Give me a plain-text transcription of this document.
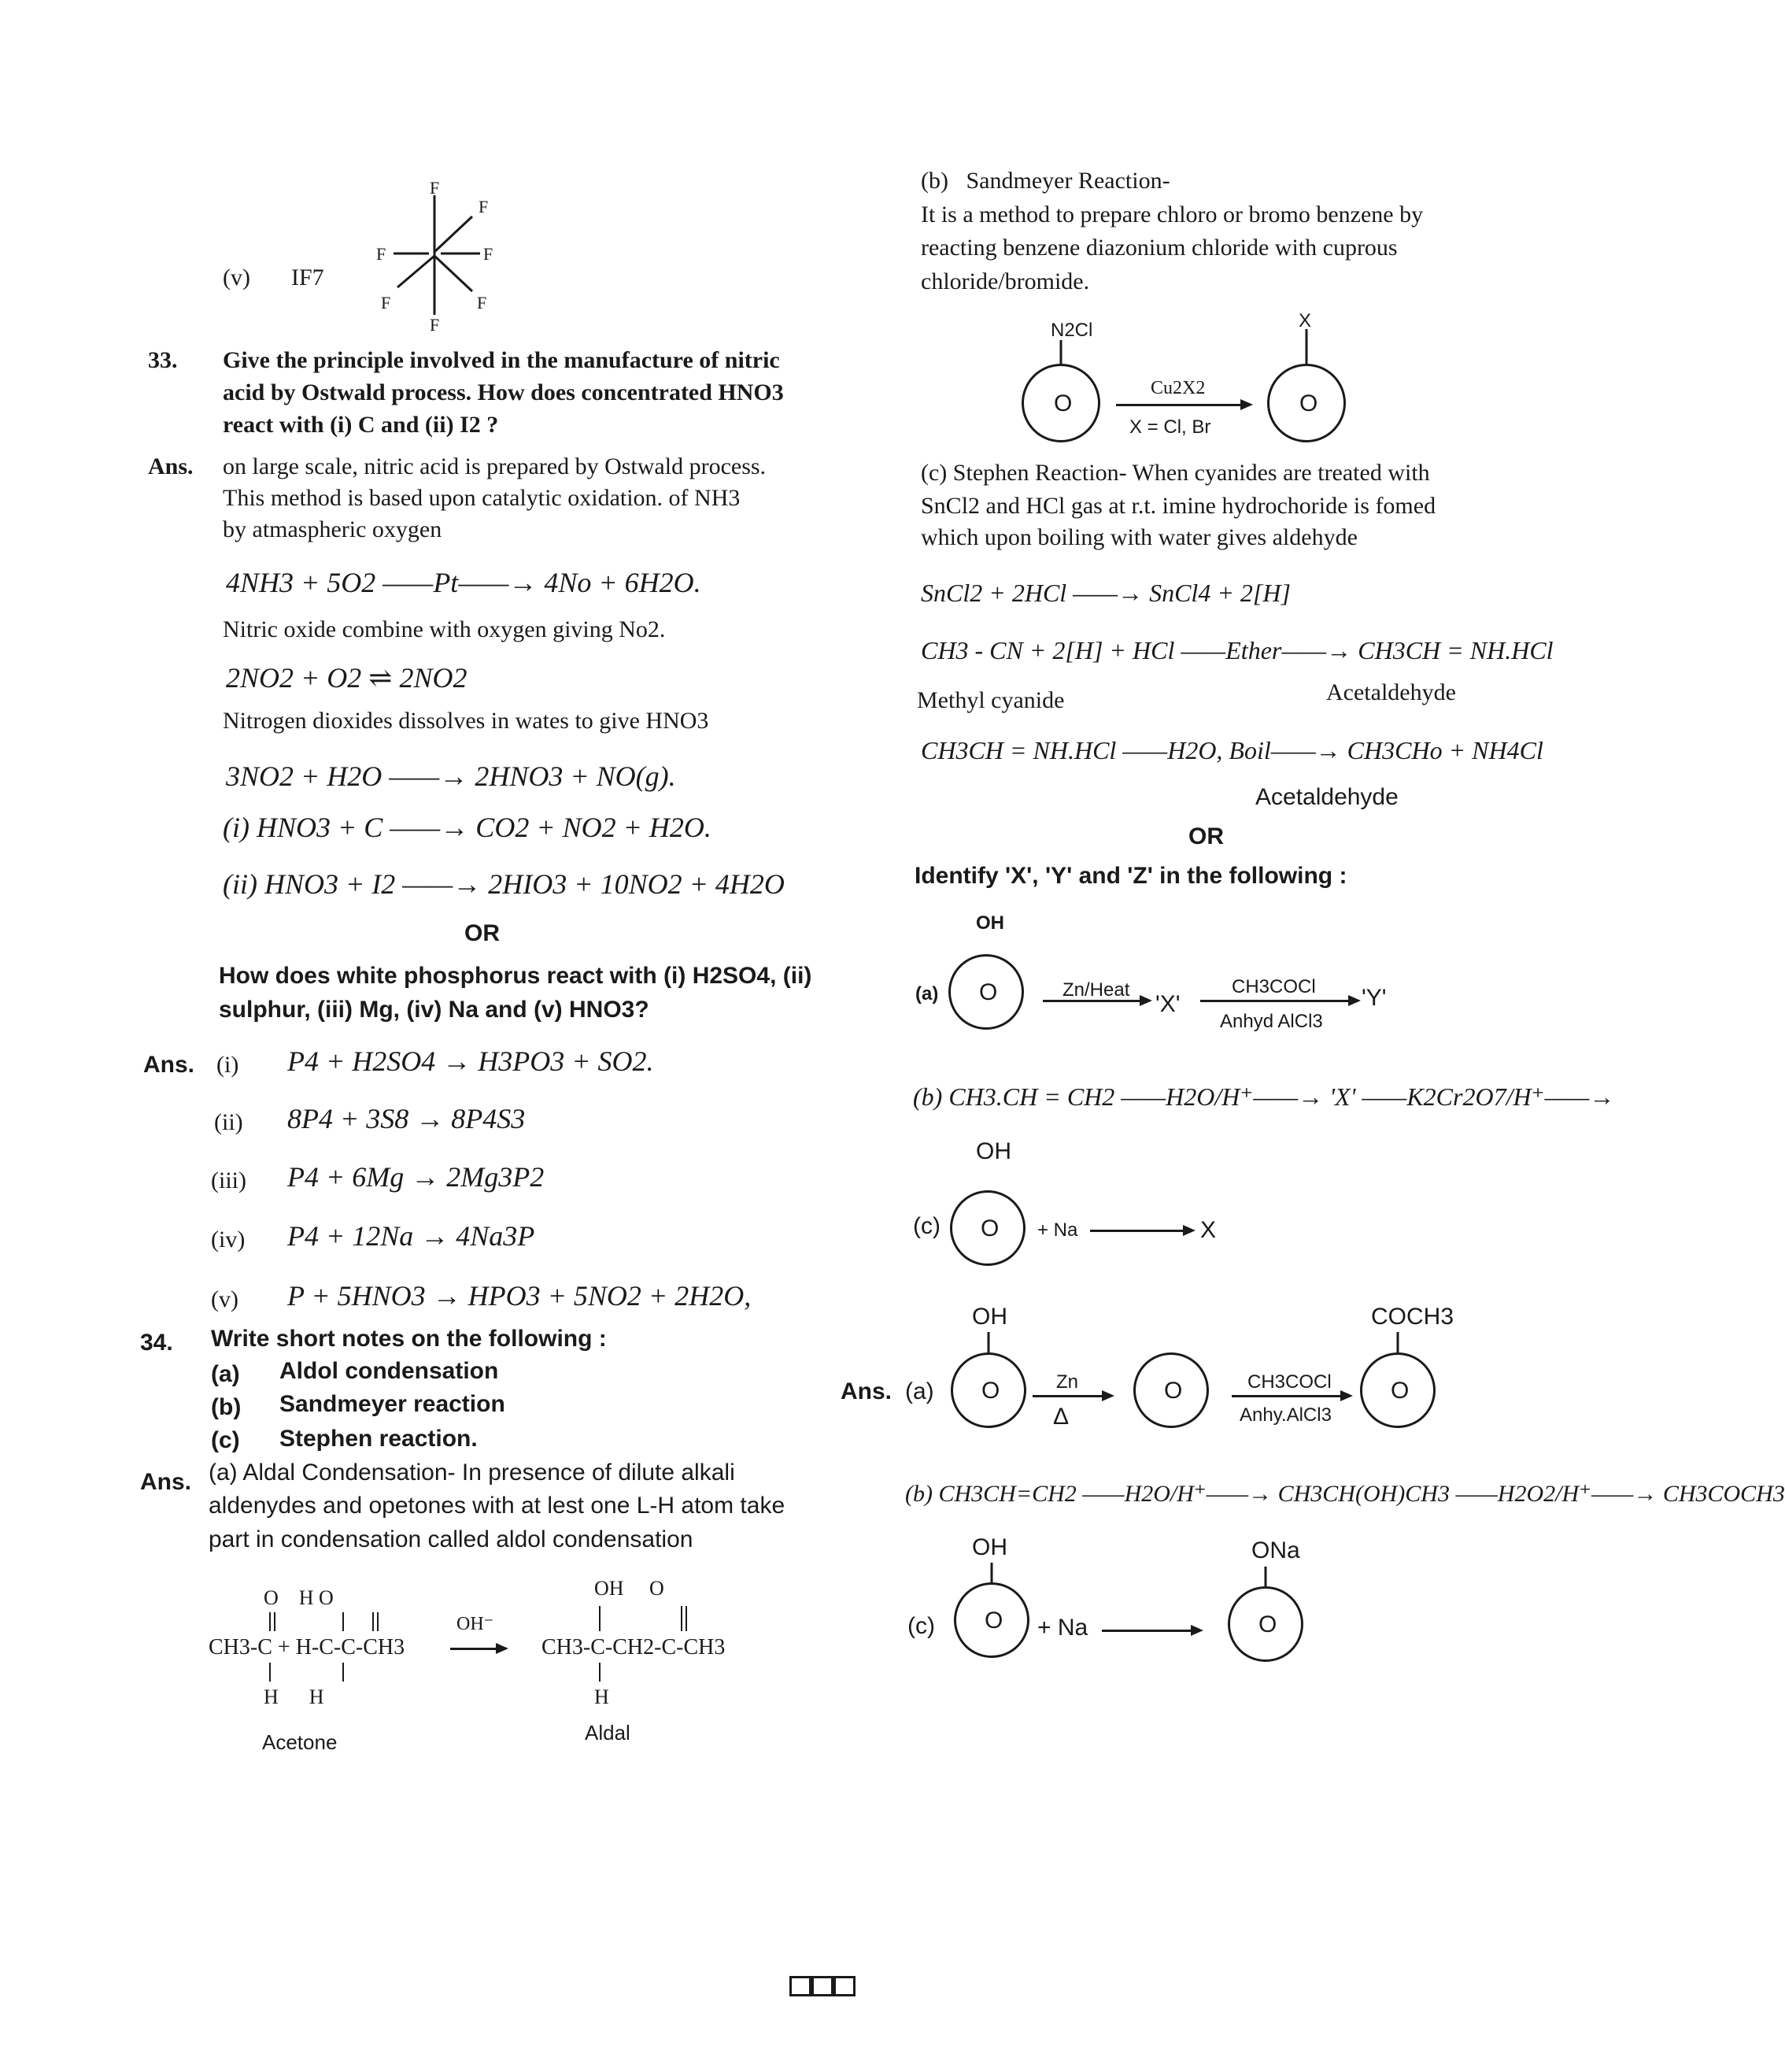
(v) IF7
F
F
F	F
F	F
F
33. Give the principle involved in the manufacture of nitric
acid by Ostwald process. How does concentrated HNO3
react with (i) C and (ii) I2 ?
Ans. on large scale, nitric acid is prepared by Ostwald process.
This method is based upon catalytic oxidation. of NH3
by atmaspheric oxygen
4NH3 + 5O2 ——Pt——→ 4No + 6H2O.
Nitric oxide combine with oxygen giving No2.
2NO2 + O2 ⇌ 2NO2
Nitrogen dioxides dissolves in wates to give HNO3
3NO2 + H2O ——→ 2HNO3 + NO(g).
(i) HNO3 + C ——→ CO2 + NO2 + H2O.
(ii) HNO3 + I2 ——→ 2HIO3 + 10NO2 + 4H2O
OR
How does white phosphorus react with (i) H2SO4, (ii)
sulphur, (iii) Mg, (iv) Na and (v) HNO3?
Ans. (i) P4 + H2SO4 → H3PO3 + SO2.
(ii) 8P4 + 3S8 → 8P4S3
(iii) P4 + 6Mg → 2Mg3P2
(iv) P4 + 12Na → 4Na3P
(v) P + 5HNO3 → HPO3 + 5NO2 + 2H2O,
34. Write short notes on the following :
(a) Aldol condensation
(b) Sandmeyer reaction
(c) Stephen reaction.
Ans. (a) Aldal Condensation- In presence of dilute alkali
aldenydes and opetones with at lest one L-H atom take
part in condensation called aldol condensation
O    H O
CH3-C + H-C-C-CH3
H      H
OH⁻
OH     O
CH3-C-CH2-C-CH3
H
Acetone	Aldal
(b)   Sandmeyer Reaction-
It is a method to prepare chloro or bromo benzene by
reacting benzene diazonium chloride with cuprous
chloride/bromide.
N2Cl
O
Cu2X2
X = Cl, Br
X
O
(c) Stephen Reaction- When cyanides are treated with
SnCl2 and HCl gas at r.t. imine hydrochoride is fomed
which upon boiling with water gives aldehyde
SnCl2 + 2HCl ——→ SnCl4 + 2[H]
CH3 - CN + 2[H] + HCl ——Ether——→ CH3CH = NH.HCl
Methyl cyanide	Acetaldehyde
CH3CH = NH.HCl ——H2O, Boil——→ CH3CHo + NH4Cl
Acetaldehyde
OR
Identify 'X', 'Y' and 'Z' in the following :
OH
(a) O	Zn/Heat
'X'
CH3COCl
Anhyd AlCl3
'Y'
(b) CH3.CH = CH2 ——H2O/H⁺——→ 'X' ——K2Cr2O7/H⁺——→
OH
(c) O + Na	X
Ans. (a)
OH
O	Zn
Δ
O	CH3COCl
Anhy.AlCl3
COCH3
O
(b) CH3CH=CH2 ——H2O/H⁺——→ CH3CH(OH)CH3 ——H2O2/H⁺——→ CH3COCH3
OH
(c) O + Na
ONa
O
